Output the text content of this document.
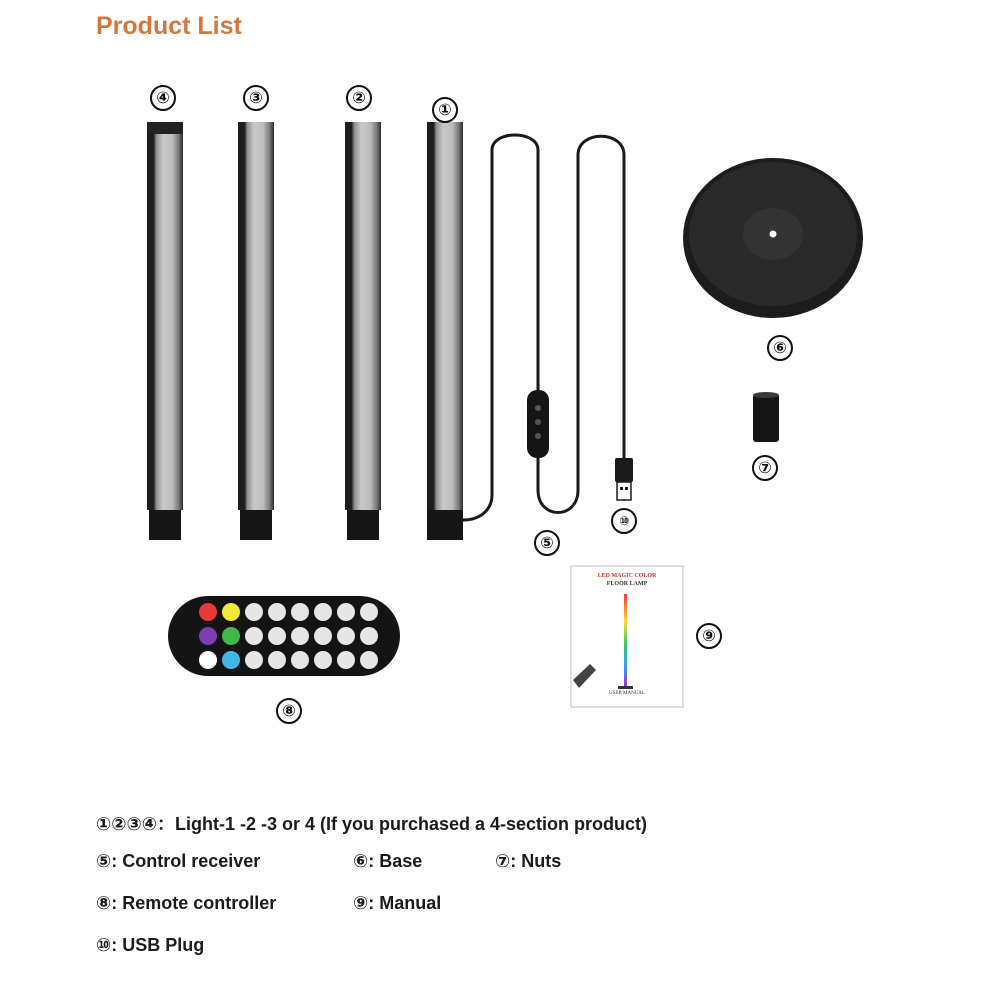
Product List
LED MAGIC COLOR
FLOOR LAMP
USER MANUAL
④	③	②
①
⑥
⑦
⑩
⑤
⑨
⑧
①②③④：Light-1 -2 -3 or 4 (If you purchased a 4-section product)
⑤: Control receiver	⑥: Base	⑦: Nuts
⑧: Remote controller	⑨: Manual
⑩: USB Plug
